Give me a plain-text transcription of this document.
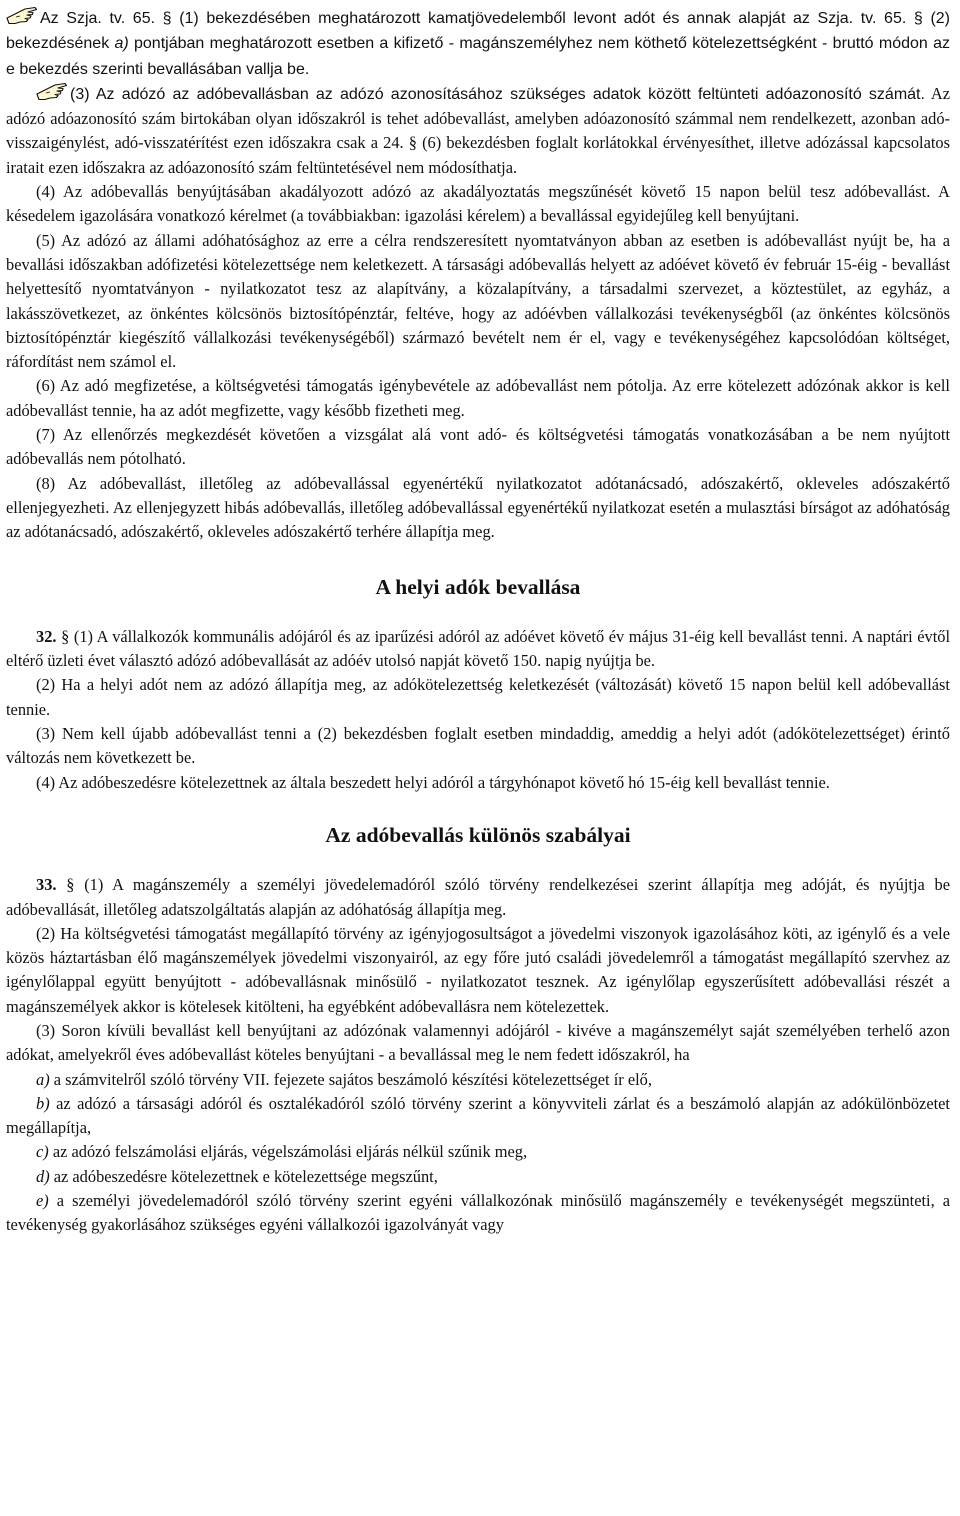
Az Szja. tv. 65. § (1) bekezdésében meghatározott kamatjövedelemből levont adót és annak alapját az Szja. tv. 65. § (2) bekezdésének a) pontjában meghatározott esetben a kifizető - magánszemélyhez nem köthető kötelezettségként - bruttó módon az e bekezdés szerinti bevallásában vallja be.

(3) Az adózó az adóbevallásban az adózó azonosításához szükséges adatok között feltünteti adóazonosító számát. Az adózó adóazonosító szám birtokában olyan időszakról is tehet adóbevallást, amelyben adóazonosító számmal nem rendelkezett, azonban adó-visszaigénylést, adó-visszatérítést ezen időszakra csak a 24. § (6) bekezdésben foglalt korlátokkal érvényesíthet, illetve adózással kapcsolatos iratait ezen időszakra az adóazonosító szám feltüntetésével nem módosíthatja.

(4) Az adóbevallás benyújtásában akadályozott adózó az akadályoztatás megszűnését követő 15 napon belül tesz adóbevallást. A késedelem igazolására vonatkozó kérelmet (a továbbiakban: igazolási kérelem) a bevallással egyidejűleg kell benyújtani.

(5) Az adózó az állami adóhatósághoz az erre a célra rendszeresített nyomtatványon abban az esetben is adóbevallást nyújt be, ha a bevallási időszakban adófizetési kötelezettsége nem keletkezett. A társasági adóbevallás helyett az adóévet követő év február 15-éig - bevallást helyettesítő nyomtatványon - nyilatkozatot tesz az alapítvány, a közalapítvány, a társadalmi szervezet, a köztestület, az egyház, a lakásszövetkezet, az önkéntes kölcsönös biztosítópénztár, feltéve, hogy az adóévben vállalkozási tevékenységből (az önkéntes kölcsönös biztosítópénztár kiegészítő vállalkozási tevékenységéből) származó bevételt nem ér el, vagy e tevékenységéhez kapcsolódóan költséget, ráfordítást nem számol el.

(6) Az adó megfizetése, a költségvetési támogatás igénybevétele az adóbevallást nem pótolja. Az erre kötelezett adózónak akkor is kell adóbevallást tennie, ha az adót megfizette, vagy később fizetheti meg.

(7) Az ellenőrzés megkezdését követően a vizsgálat alá vont adó- és költségvetési támogatás vonatkozásában a be nem nyújtott adóbevallás nem pótolható.

(8) Az adóbevallást, illetőleg az adóbevallással egyenértékű nyilatkozatot adótanácsadó, adószakértő, okleveles adószakértő ellenjegyezheti. Az ellenjegyzett hibás adóbevallás, illetőleg adóbevallással egyenértékű nyilatkozat esetén a mulasztási bírságot az adóhatóság az adótanácsadó, adószakértő, okleveles adószakértő terhére állapítja meg.

A helyi adók bevallása

32. § (1) A vállalkozók kommunális adójáról és az iparűzési adóról az adóévet követő év május 31-éig kell bevallást tenni. A naptári évtől eltérő üzleti évet választó adózó adóbevallását az adóév utolsó napját követő 150. napig nyújtja be.

(2) Ha a helyi adót nem az adózó állapítja meg, az adókötelezettség keletkezését (változását) követő 15 napon belül kell adóbevallást tennie.

(3) Nem kell újabb adóbevallást tenni a (2) bekezdésben foglalt esetben mindaddig, ameddig a helyi adót (adókötelezettséget) érintő változás nem következett be.

(4) Az adóbeszedésre kötelezettnek az általa beszedett helyi adóról a tárgyhónapot követő hó 15-éig kell bevallást tennie.

Az adóbevallás különös szabályai

33. § (1) A magánszemély a személyi jövedelemadóról szóló törvény rendelkezései szerint állapítja meg adóját, és nyújtja be adóbevallását, illetőleg adatszolgáltatás alapján az adóhatóság állapítja meg.

(2) Ha költségvetési támogatást megállapító törvény az igényjogosultságot a jövedelmi viszonyok igazolásához köti, az igénylő és a vele közös háztartásban élő magánszemélyek jövedelmi viszonyairól, az egy főre jutó családi jövedelemről a támogatást megállapító szervhez az igénylőlappal együtt benyújtott - adóbevallásnak minősülő - nyilatkozatot tesznek. Az igénylőlap egyszerűsített adóbevallási részét a magánszemélyek akkor is kötelesek kitölteni, ha egyébként adóbevallásra nem kötelezettek.

(3) Soron kívüli bevallást kell benyújtani az adózónak valamennyi adójáról - kivéve a magánszemélyt saját személyében terhelő azon adókat, amelyekről éves adóbevallást köteles benyújtani - a bevallással meg le nem fedett időszakról, ha

a) a számvitelről szóló törvény VII. fejezete sajátos beszámoló készítési kötelezettséget ír elő,

b) az adózó a társasági adóról és osztalékadóról szóló törvény szerint a könyvviteli zárlat és a beszámoló alapján az adókülönbözetet megállapítja,

c) az adózó felszámolási eljárás, végelszámolási eljárás nélkül szűnik meg,

d) az adóbeszedésre kötelezettnek e kötelezettsége megszűnt,

e) a személyi jövedelemadóról szóló törvény szerint egyéni vállalkozónak minősülő magánszemély e tevékenységét megszünteti, a tevékenység gyakorlásához szükséges egyéni vállalkozói igazolványát vagy
